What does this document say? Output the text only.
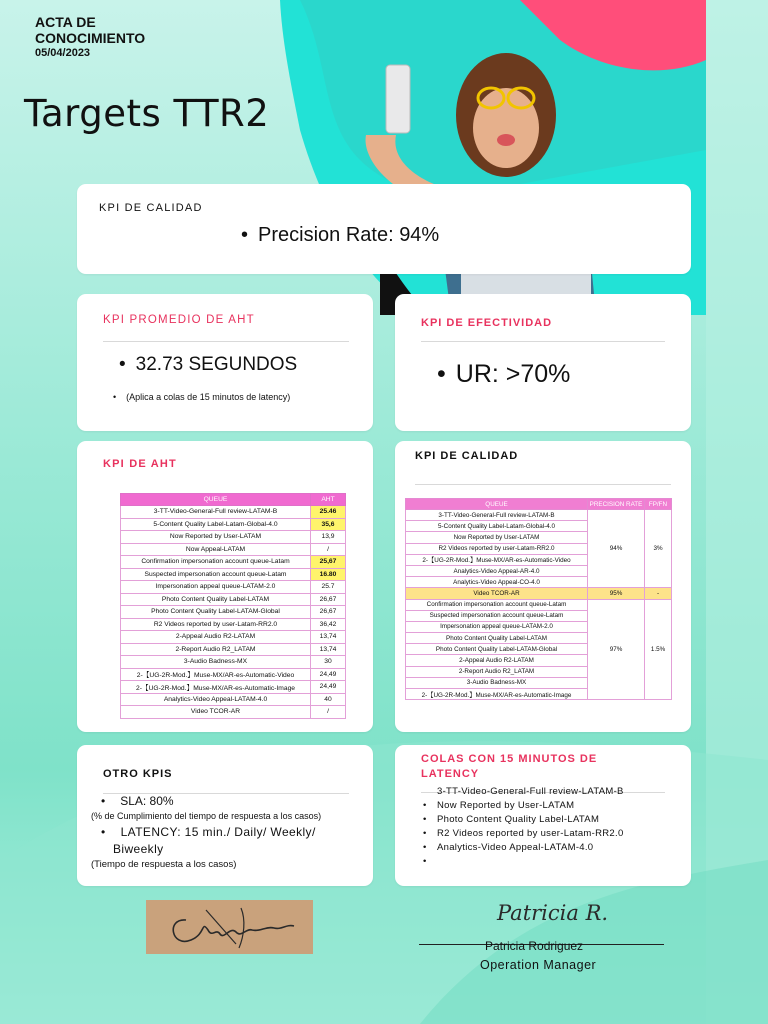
ACTA DE
CONOCIMIENTO
05/04/2023
Targets TTR2
KPI DE CALIDAD
• Precision Rate: 94%
KPI PROMEDIO DE AHT
• 32.73 SEGUNDOS
• (Aplica a colas de 15 minutos de latency)
KPI DE EFECTIVIDAD
• UR: >70%
KPI DE AHT
QUEUE	AHT
3-TT-Video-General-Full review-LATAM-B	25.46
5-Content Quality Label-Latam-Global-4.0	35,6
Now Reported by User-LATAM	13,9
Now Appeal-LATAM	/
Confirmation impersonation account queue-Latam	25,67
Suspected impersonation account queue-Latam	16.80
Impersonation appeal queue-LATAM-2.0	25.7
Photo Content Quality Label-LATAM	26,67
Photo Content Quality Label-LATAM-Global	26,67
R2 Videos reported by user-Latam-RR2.0	36,42
2-Appeal Audio R2-LATAM	13,74
2-Report Audio R2_LATAM	13,74
3-Audio Badness-MX	30
2-【UG-2R-Mod.】Muse-MX/AR-es-Automatic-Video	24,49
2-【UG-2R-Mod.】Muse-MX/AR-es-Automatic-Image	24,49
Analytics-Video Appeal-LATAM-4.0	40
Video TCOR-AR	/
KPI DE CALIDAD
QUEUE	PRECISION RATE	FP/FN
3-TT-Video-General-Full review-LATAM-B	94%	3%
5-Content Quality Label-Latam-Global-4.0		
Now Reported by User-LATAM		
R2 Videos reported by user-Latam-RR2.0		
2-【UG-2R-Mod.】Muse-MX/AR-es-Automatic-Video		
Analytics-Video Appeal-AR-4.0		
Analytics-Video Appeal-CO-4.0		
Video TCOR-AR	95%	-
Confirmation impersonation account queue-Latam	97%	1.5%
Suspected impersonation account queue-Latam		
Impersonation appeal queue-LATAM-2.0		
Photo Content Quality Label-LATAM		
Photo Content Quality Label-LATAM-Global		
2-Appeal Audio R2-LATAM		
2-Report Audio R2_LATAM		
3-Audio Badness-MX		
2-【UG-2R-Mod.】Muse-MX/AR-es-Automatic-Image		
OTRO KPIS
• SLA: 80%
(% de Cumplimiento del tiempo de respuesta a los casos)
• LATENCY: 15 min./ Daily/ Weekly/
Biweekly
(Tiempo de respuesta a los casos)
COLAS CON 15 MINUTOS DE
LATENCY
3-TT-Video-General-Full review-LATAM-B
• Now Reported by User-LATAM
• Photo Content Quality Label-LATAM
• R2 Videos reported by user-Latam-RR2.0
• Analytics-Video Appeal-LATAM-4.0
•
Patricia R.
Patricia Rodriguez
Operation Manager
